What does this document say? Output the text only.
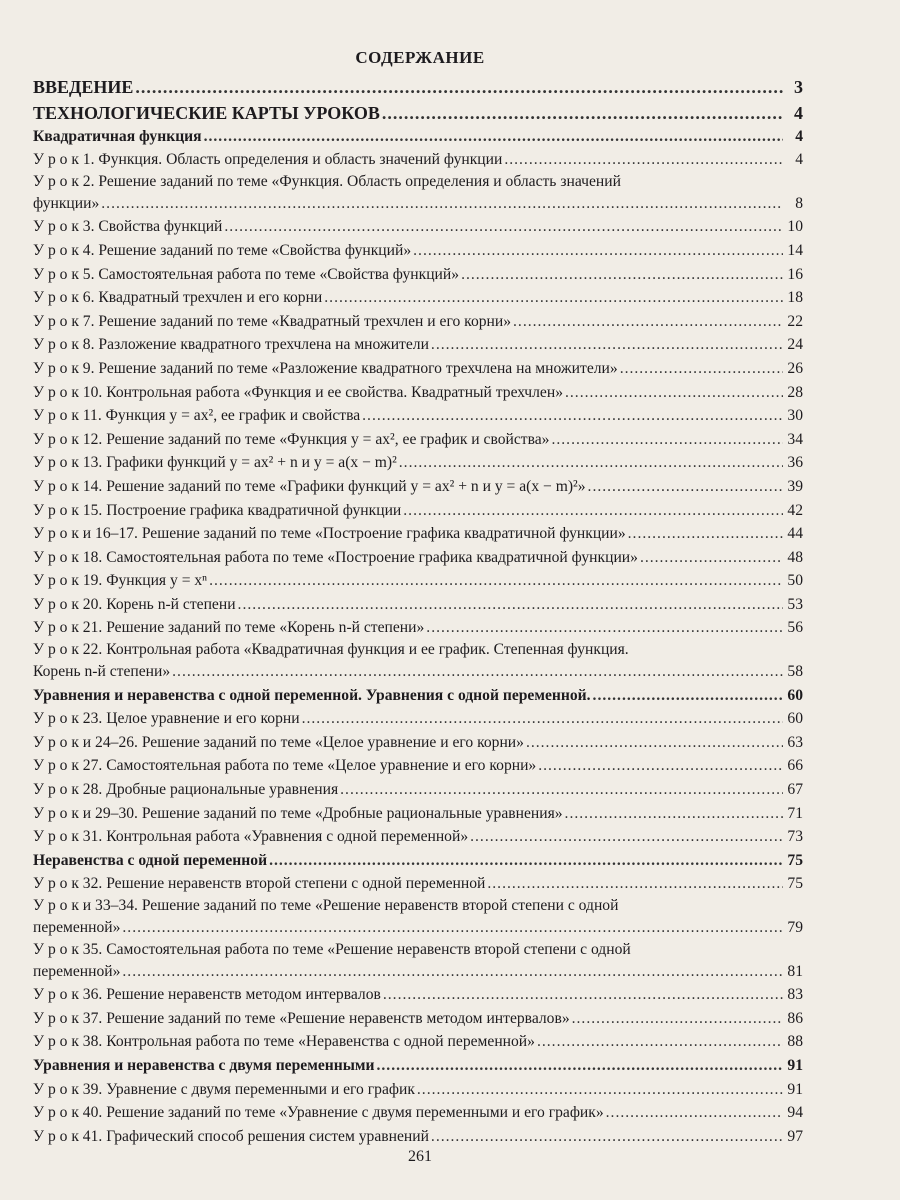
СОДЕРЖАНИЕ
ВВЕДЕНИЕ .....	3
ТЕХНОЛОГИЧЕСКИЕ КАРТЫ УРОКОВ .....	4
Квадратичная функция .....	4
У р о к 1. Функция. Область определения и область значений функции .....	4
У р о к 2. Решение заданий по теме «Функция. Область определения и область значений
функции» .....	8
У р о к 3. Свойства функций .....	10
У р о к 4. Решение заданий по теме «Свойства функций» .....	14
У р о к 5. Самостоятельная работа по теме «Свойства функций» .....	16
У р о к 6. Квадратный трехчлен и его корни .....	18
У р о к 7. Решение заданий по теме «Квадратный трехчлен и его корни» .....	22
У р о к 8. Разложение квадратного трехчлена на множители .....	24
У р о к 9. Решение заданий по теме «Разложение квадратного трехчлена на множители» .....	26
У р о к 10. Контрольная работа «Функция и ее свойства. Квадратный трехчлен» .....	28
У р о к 11. Функция y = ax², ее график и свойства .....	30
У р о к 12. Решение заданий по теме «Функция y = ax², ее график и свойства» .....	34
У р о к 13. Графики функций y = ax² + n и y = a(x − m)² .....	36
У р о к 14. Решение заданий по теме «Графики функций y = ax² + n и y = a(x − m)²» .....	39
У р о к 15. Построение графика квадратичной функции .....	42
У р о к и 16–17. Решение заданий по теме «Построение графика квадратичной функции» .....	44
У р о к 18. Самостоятельная работа по теме «Построение графика квадратичной функции» .....	48
У р о к 19. Функция y = xⁿ .....	50
У р о к 20. Корень n-й степени .....	53
У р о к 21. Решение заданий по теме «Корень n-й степени» .....	56
У р о к 22. Контрольная работа «Квадратичная функция и ее график. Степенная функция.
Корень n-й степени» .....	58
Уравнения и неравенства с одной переменной. Уравнения с одной переменной. .....	60
У р о к 23. Целое уравнение и его корни .....	60
У р о к и 24–26. Решение заданий по теме «Целое уравнение и его корни» .....	63
У р о к 27. Самостоятельная работа по теме «Целое уравнение и его корни» .....	66
У р о к 28. Дробные рациональные уравнения .....	67
У р о к и 29–30. Решение заданий по теме «Дробные рациональные уравнения» .....	71
У р о к 31. Контрольная работа «Уравнения с одной переменной» .....	73
Неравенства с одной переменной .....	75
У р о к 32. Решение неравенств второй степени с одной переменной .....	75
У р о к и 33–34. Решение заданий по теме «Решение неравенств второй степени с одной
переменной» .....	79
У р о к 35. Самостоятельная работа по теме «Решение неравенств второй степени с одной
переменной» .....	81
У р о к 36. Решение неравенств методом интервалов .....	83
У р о к 37. Решение заданий по теме «Решение неравенств методом интервалов» .....	86
У р о к 38. Контрольная работа по теме «Неравенства с одной переменной» .....	88
Уравнения и неравенства с двумя переменными .....	91
У р о к 39. Уравнение с двумя переменными и его график .....	91
У р о к 40. Решение заданий по теме «Уравнение с двумя переменными и его график» .....	94
У р о к 41. Графический способ решения систем уравнений .....	97
261
